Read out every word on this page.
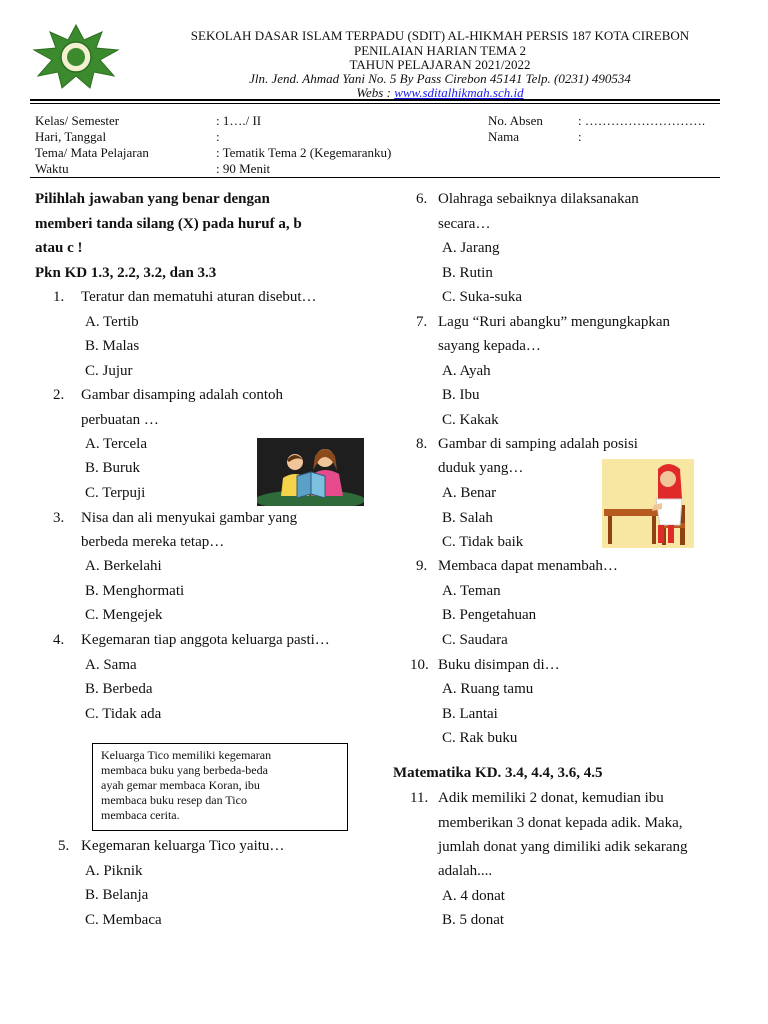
SEKOLAH DASAR ISLAM TERPADU (SDIT) AL-HIKMAH PERSIS 187 KOTA CIREBON
PENILAIAN HARIAN TEMA 2
TAHUN PELAJARAN 2021/2022
Jln. Jend. Ahmad Yani No. 5 By Pass Cirebon 45141 Telp. (0231) 490534
Webs : www.sditalhikmah.sch.id
Kelas/ Semester	: 1…./ II
Hari, Tanggal	:
Tema/ Mata Pelajaran	: Tematik Tema 2 (Kegemaranku)
Waktu	: 90 Menit
No. Absen	: ……………………….
Nama	:
Pilihlah jawaban yang benar dengan
memberi tanda silang (X) pada huruf a, b
atau c !
Pkn KD 1.3, 2.2, 3.2, dan 3.3
1. Teratur dan mematuhi aturan disebut…
A. Tertib
B. Malas
C. Jujur
2. Gambar disamping adalah contoh
perbuatan …
A. Tercela
B. Buruk
C. Terpuji
3. Nisa dan ali menyukai gambar yang
berbeda mereka tetap…
A. Berkelahi
B. Menghormati
C. Mengejek
4. Kegemaran tiap anggota keluarga pasti…
A. Sama
B. Berbeda
C. Tidak ada
Keluarga Tico memiliki kegemaran
membaca buku yang berbeda-beda
ayah gemar membaca Koran, ibu
membaca buku resep dan Tico
membaca cerita.
5. Kegemaran keluarga Tico yaitu…
A. Piknik
B. Belanja
C. Membaca
6. Olahraga sebaiknya dilaksanakan
secara…
A. Jarang
B. Rutin
C. Suka-suka
7. Lagu “Ruri abangku” mengungkapkan
sayang kepada…
A. Ayah
B. Ibu
C. Kakak
8. Gambar di samping adalah posisi
duduk yang…
A. Benar
B. Salah
C. Tidak baik
9. Membaca dapat menambah…
A. Teman
B. Pengetahuan
C. Saudara
10. Buku disimpan di…
A. Ruang tamu
B. Lantai
C. Rak buku
Matematika KD. 3.4, 4.4, 3.6, 4.5
11. Adik memiliki 2 donat, kemudian ibu
memberikan 3 donat kepada adik. Maka,
jumlah donat yang dimiliki adik sekarang
adalah....
A. 4 donat
B. 5 donat
